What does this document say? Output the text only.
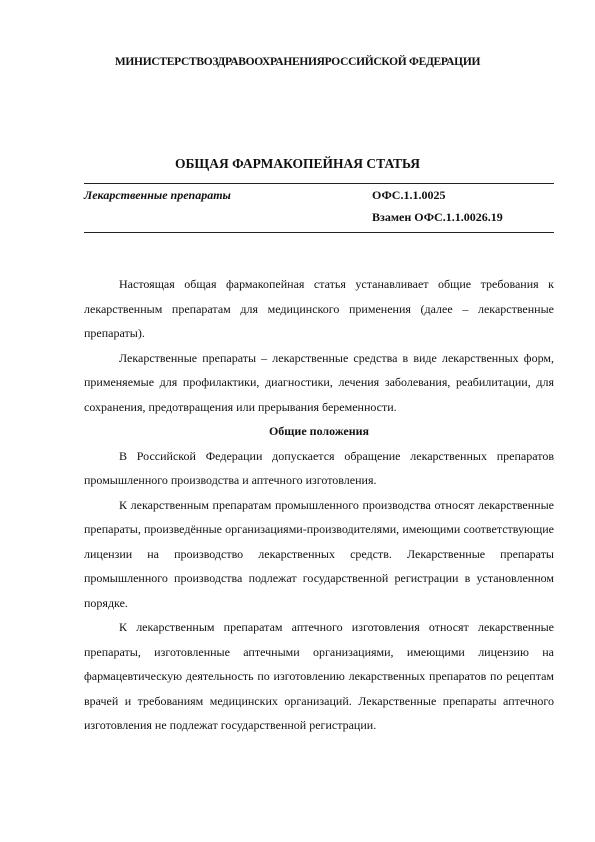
МИНИСТЕРСТВОЗДРАВООХРАНЕНИЯРОССИЙСКОЙ ФЕДЕРАЦИИ
ОБЩАЯ ФАРМАКОПЕЙНАЯ СТАТЬЯ
Лекарственные препараты	ОФС.1.1.0025
Взамен ОФС.1.1.0026.19

Настоящая общая фармакопейная статья устанавливает общие требования к лекарственным препаратам для медицинского применения (далее – лекарственные препараты).

Лекарственные препараты – лекарственные средства в виде лекарственных форм, применяемые для профилактики, диагностики, лечения заболевания, реабилитации, для сохранения, предотвращения или прерывания беременности.

Общие положения

В Российской Федерации допускается обращение лекарственных препаратов промышленного производства и аптечного изготовления.

К лекарственным препаратам промышленного производства относят лекарственные препараты, произведённые организациями-производителями, имеющими соответствующие лицензии на производство лекарственных средств. Лекарственные препараты промышленного производства подлежат государственной регистрации в установленном порядке.

К лекарственным препаратам аптечного изготовления относят лекарственные препараты, изготовленные аптечными организациями, имеющими лицензию на фармацевтическую деятельность по изготовлению лекарственных препаратов по рецептам врачей и требованиям медицинских организаций. Лекарственные препараты аптечного изготовления не подлежат государственной регистрации.
